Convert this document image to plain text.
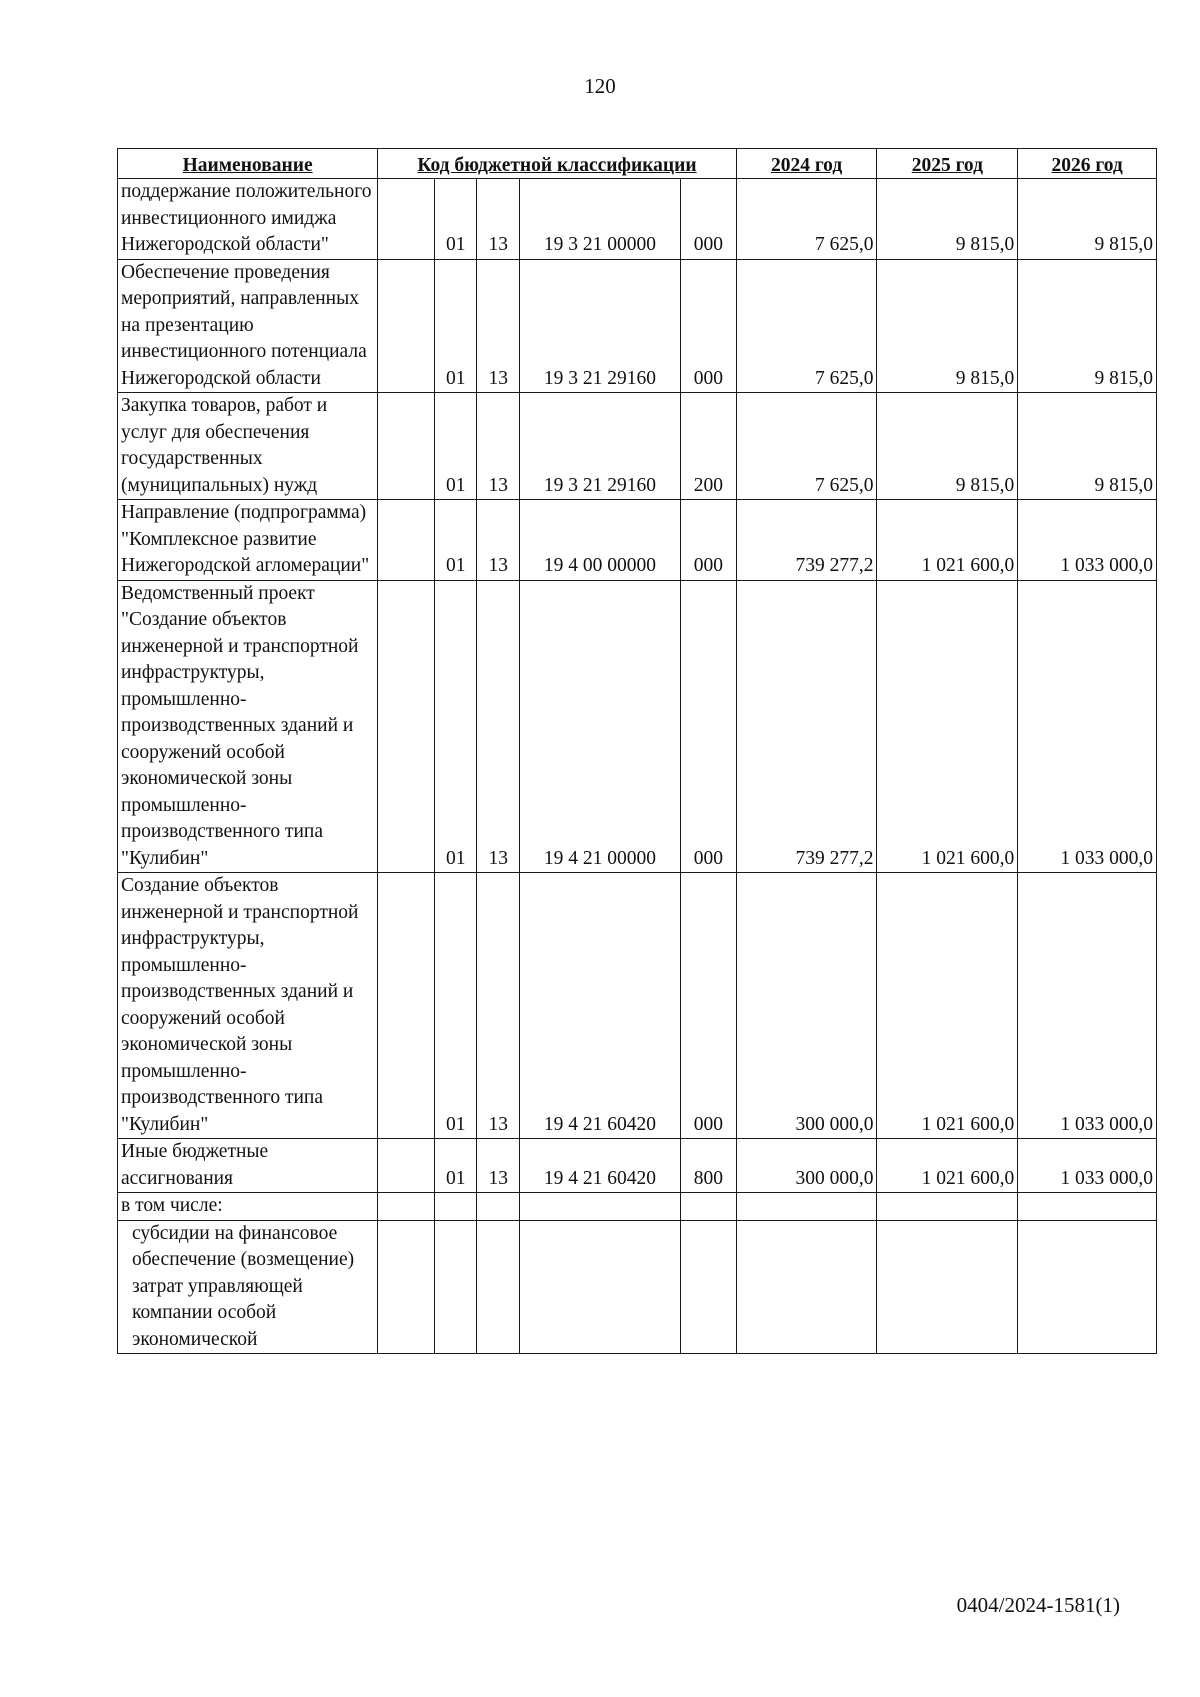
120
Наименование	Код бюджетной классификации					2024 год	2025 год	2026 год
поддержание положительного инвестиционного имиджа Нижегородской области"		01	13	19 3 21 00000	000	7 625,0	9 815,0	9 815,0
Обеспечение проведения мероприятий, направленных на презентацию инвестиционного потенциала Нижегородской области		01	13	19 3 21 29160	000	7 625,0	9 815,0	9 815,0
Закупка товаров, работ и услуг для обеспечения государственных (муниципальных) нужд		01	13	19 3 21 29160	200	7 625,0	9 815,0	9 815,0
Направление (подпрограмма) "Комплексное развитие Нижегородской агломерации"		01	13	19 4 00 00000	000	739 277,2	1 021 600,0	1 033 000,0
Ведомственный проект "Создание объектов инженерной и транспортной инфраструктуры, промышленно-производственных зданий и сооружений особой экономической зоны промышленно-производственного типа "Кулибин"		01	13	19 4 21 00000	000	739 277,2	1 021 600,0	1 033 000,0
Создание объектов инженерной и транспортной инфраструктуры, промышленно-производственных зданий и сооружений особой экономической зоны промышленно-производственного типа "Кулибин"		01	13	19 4 21 60420	000	300 000,0	1 021 600,0	1 033 000,0
Иные бюджетные ассигнования		01	13	19 4 21 60420	800	300 000,0	1 021 600,0	1 033 000,0
в том числе:								
субсидии на финансовое обеспечение (возмещение) затрат управляющей компании особой экономической								
0404/2024-1581(1)
